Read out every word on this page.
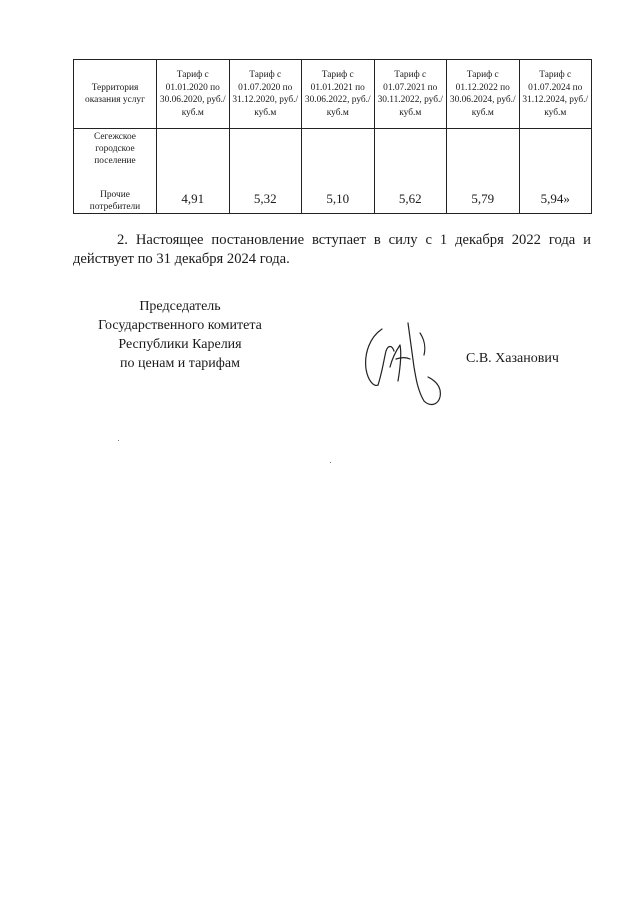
Территория оказания услуг	Тариф с 01.01.2020 по 30.06.2020, руб./куб.м	Тариф с 01.07.2020 по 31.12.2020, руб./куб.м	Тариф с 01.01.2021 по 30.06.2022, руб./куб.м	Тариф с 01.07.2021 по 30.11.2022, руб./куб.м	Тариф с 01.12.2022 по 30.06.2024, руб./куб.м	Тариф с 01.07.2024 по 31.12.2024, руб./куб.м

Сегежское городское поселение
Прочие потребители	4,91	5,32	5,10	5,62	5,79	5,94»

2. Настоящее постановление вступает в силу с 1 декабря 2022 года и действует по 31 декабря 2024 года.

Председатель
Государственного комитета
Республики Карелия
по ценам и тарифам	С.В. Хазанович
